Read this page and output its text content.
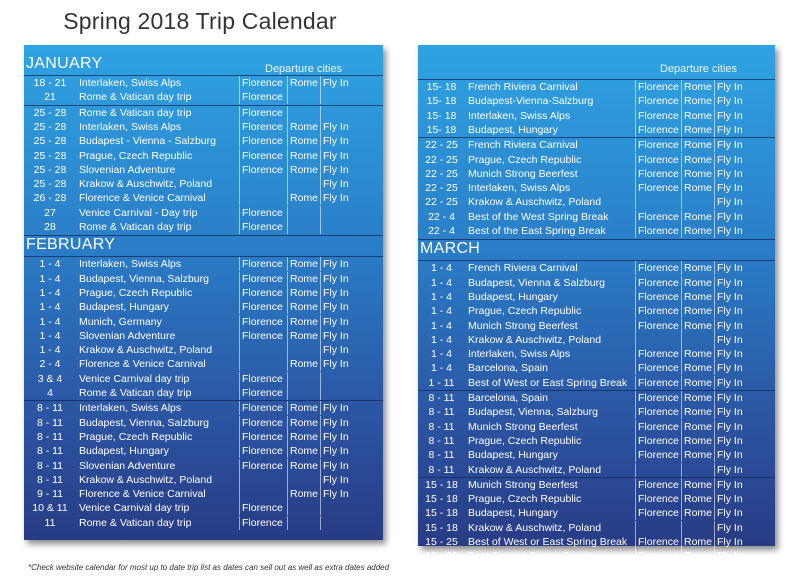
Spring 2018 Trip Calendar
Departure cities
JANUARY
18 - 21	Interlaken, Swiss Alps	Florence Rome Fly In
21	Rome & Vatican day trip	Florence
25 - 28	Rome & Vatican day trip	Florence
25 - 28	Interlaken, Swiss Alps	Florence Rome Fly In
25 - 28	Budapest - Vienna - Salzburg	Florence Rome Fly In
25 - 28	Prague, Czech Republic	Florence Rome Fly In
25 - 28	Slovenian Adventure	Florence Rome Fly In
25 - 28	Krakow & Auschwitz, Poland	Fly In
26 - 28	Florence & Venice Carnival	Rome Fly In
27	Venice Carnival - Day trip	Florence
28	Rome & Vatican day trip	Florence
FEBRUARY
1 - 4	Interlaken, Swiss Alps	Florence Rome Fly In
1 - 4	Budapest, Vienna, Salzburg	Florence Rome Fly In
1 - 4	Prague, Czech Republic	Florence Rome Fly In
1 - 4	Budapest, Hungary	Florence Rome Fly In
1 - 4	Munich, Germany	Florence Rome Fly In
1 - 4	Slovenian Adventure	Florence Rome Fly In
1 - 4	Krakow & Auschwitz, Poland	Fly In
2 - 4	Florence & Venice Carnival	Rome Fly In
3 & 4	Venice Carnival day trip	Florence
4	Rome & Vatican day trip	Florence
8 - 11	Interlaken, Swiss Alps	Florence Rome Fly In
8 - 11	Budapest, Vienna, Salzburg	Florence Rome Fly In
8 - 11	Prague, Czech Republic	Florence Rome Fly In
8 - 11	Budapest, Hungary	Florence Rome Fly In
8 - 11	Slovenian Adventure	Florence Rome Fly In
8 - 11	Krakow & Auschwitz, Poland	Fly In
9 - 11	Florence & Venice Carnival	Rome Fly In
10 & 11	Venice Carnival day trip	Florence
11	Rome & Vatican day trip	Florence
Departure cities
15- 18	French Riviera Carnival	Florence Rome Fly In
15- 18	Budapest-Vienna-Salzburg	Florence Rome Fly In
15- 18	Interlaken, Swiss Alps	Florence Rome Fly In
15- 18	Budapest, Hungary	Florence Rome Fly In
22 - 25 French Riviera Carnival	Florence Rome Fly In
22 - 25 Prague, Czech Republic	Florence Rome Fly In
22 - 25 Munich Strong Beerfest	Florence Rome Fly In
22 - 25 Interlaken, Swiss Alps	Florence Rome Fly In
22 - 25 Krakow & Auschwitz, Poland	Fly In
22 - 4	Best of the West Spring Break	Florence Rome Fly In
22 - 4	Best of the East Spring Break	Florence Rome Fly In
MARCH
1 - 4	French Riviera Carnival	Florence Rome Fly In
1 - 4	Budapest, Vienna & Salzburg	Florence Rome Fly In
1 - 4	Budapest, Hungary	Florence Rome Fly In
1 - 4	Prague, Czech Republic	Florence Rome Fly In
1 - 4	Munich Strong Beerfest	Florence Rome Fly In
1 - 4	Krakow & Auschwitz, Poland	Fly In
1 - 4	Interlaken, Swiss Alps	Florence Rome Fly In
1 - 4	Barcelona, Spain	Florence Rome Fly In
1 - 11	Best of West or East Spring Break	Florence Rome Fly In
8 - 11	Barcelona, Spain	Florence Rome Fly In
8 - 11	Budapest, Vienna, Salzburg	Florence Rome Fly In
8 - 11	Munich Strong Beerfest	Florence Rome Fly In
8 - 11	Prague, Czech Republic	Florence Rome Fly In
8 - 11	Budapest, Hungary	Florence Rome Fly In
8 - 11	Krakow & Auschwitz, Poland	Fly In
15 - 18 Munich Strong Beerfest	Florence Rome Fly In
15 - 18 Prague, Czech Republic	Florence Rome Fly In
15 - 18 Budapest, Hungary	Florence Rome Fly In
15 - 18 Krakow & Auschwitz, Poland	Fly In
15 - 25 Best of West or East Spring Break	Florence Rome Fly In
16 - 25 Best Greece Spring Break	Florence Rome Fly In
*Check website calendar for most up to date trip list as dates can sell out as well as extra dates added
